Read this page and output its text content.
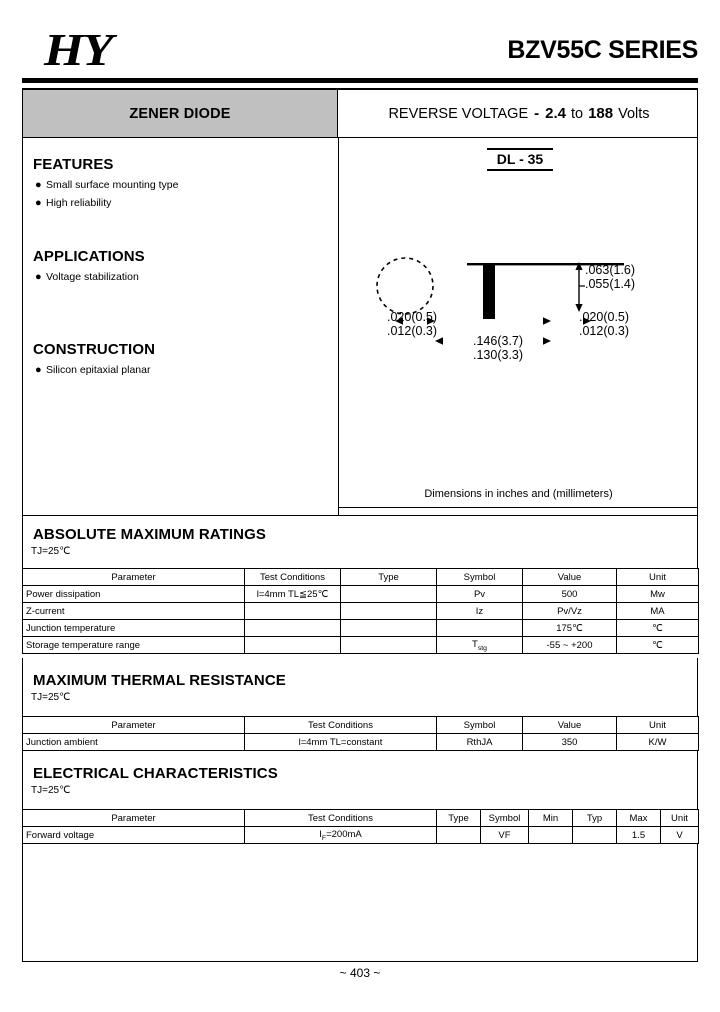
HY	BZV55C SERIES
ZENER DIODE	REVERSE VOLTAGE - 2.4 to 188 Volts
FEATURES
● Small surface mounting type
● High reliability
APPLICATIONS
● Voltage stabilization
CONSTRUCTION
● Silicon epitaxial planar
DL - 35
.063(1.6)
.055(1.4)
.020(0.5)
.012(0.3)
.020(0.5)
.012(0.3)
.146(3.7)
.130(3.3)
Dimensions in inches and (millimeters)
ABSOLUTE MAXIMUM RATINGS
TJ=25℃
Parameter	Test Conditions	Type	Symbol	Value	Unit
Power dissipation	l=4mm TL≦25℃		Pv	500	Mw
Z-current			Iz	Pv/Vz	MA
Junction temperature				175℃	℃
Storage temperature range			$T_{stg}$	-55 ~ +200	℃
MAXIMUM THERMAL RESISTANCE
TJ=25℃
Parameter	Test Conditions	Symbol	Value	Unit
Junction ambient	l=4mm TL=constant	RthJA	350	K/W
ELECTRICAL CHARACTERISTICS
TJ=25℃
Parameter	Test Conditions	Type	Symbol	Min	Typ	Max	Unit
Forward voltage	$I_F=200mA$		VF			1.5	V
~ 403 ~
